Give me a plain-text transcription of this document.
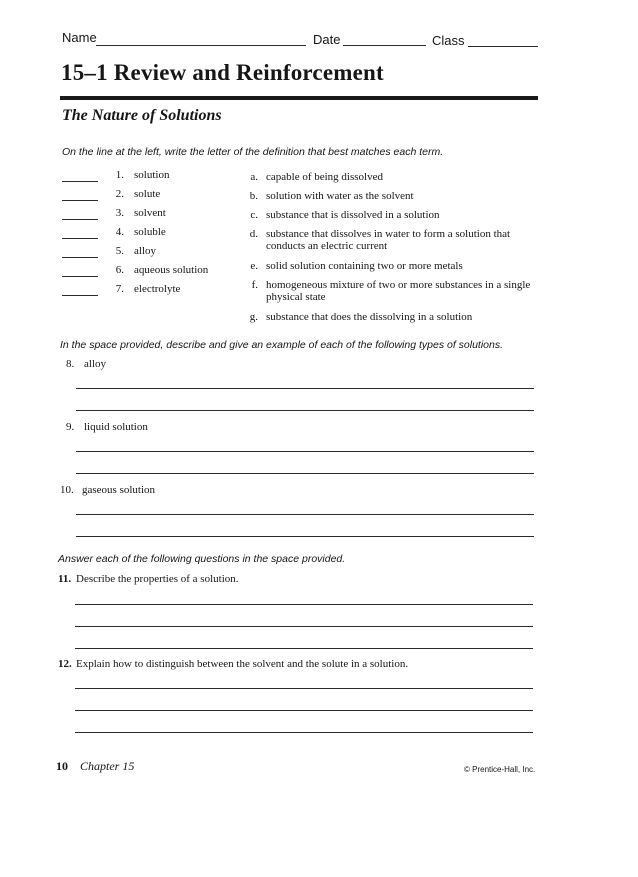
Name	Date	Class
15–1 Review and Reinforcement
The Nature of Solutions
On the line at the left, write the letter of the definition that best matches each term.
1. solution
2. solute
3. solvent
4. soluble
5. alloy
6. aqueous solution
7. electrolyte
a. capable of being dissolved
b. solution with water as the solvent
c. substance that is dissolved in a solution
d. substance that dissolves in water to form a solution that conducts an electric current
e. solid solution containing two or more metals
f. homogeneous mixture of two or more substances in a single physical state
g. substance that does the dissolving in a solution
In the space provided, describe and give an example of each of the following types of solutions.
8. alloy
9. liquid solution
10. gaseous solution
Answer each of the following questions in the space provided.
11. Describe the properties of a solution.
12. Explain how to distinguish between the solvent and the solute in a solution.
10 Chapter 15	© Prentice-Hall, Inc.
